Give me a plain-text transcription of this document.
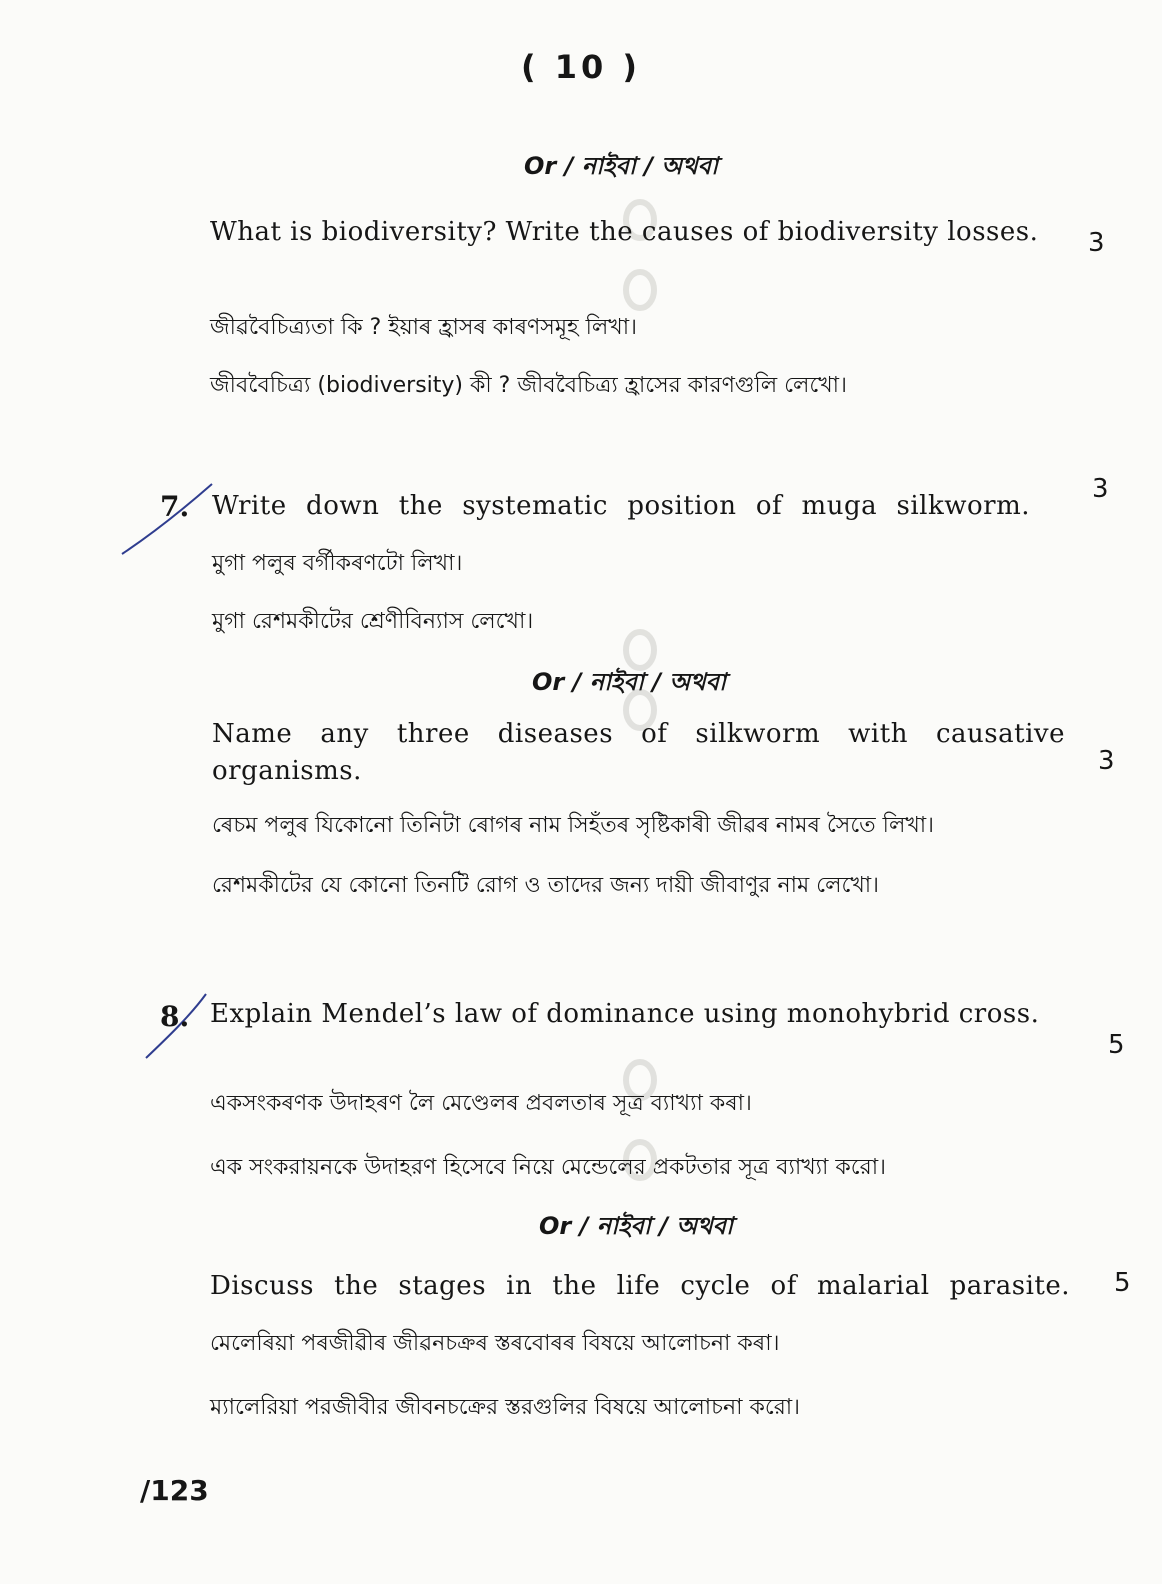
( 10 )
Or / নাইবা / অথবা
What is biodiversity? Write the causes of biodiversity losses.	3
জীৱবৈচিত্ৰ্যতা কি ? ইয়াৰ হ্ৰাসৰ কাৰণসমূহ লিখা।
জীববৈচিত্র্য (biodiversity) কী ? জীববৈচিত্র্য হ্রাসের কারণগুলি লেখো।
7. Write down the systematic position of muga silkworm.
3
মুগা পলুৰ বৰ্গীকৰণটো লিখা।
মুগা রেশমকীটের শ্রেণীবিন্যাস লেখো।
Or / নাইবা / অথবা
Name any three diseases of silkworm with causative organisms.	3
ৰেচম পলুৰ যিকোনো তিনিটা ৰোগৰ নাম সিহঁতৰ সৃষ্টিকাৰী জীৱৰ নামৰ সৈতে লিখা।
রেশমকীটের যে কোনো তিনটি রোগ ও তাদের জন্য দায়ী জীবাণুর নাম লেখো।
8. Explain Mendel’s law of dominance using monohybrid cross.
5
একসংকৰণক উদাহৰণ লৈ মেণ্ডেলৰ প্ৰবলতাৰ সূত্ৰ ব্যাখ্যা কৰা।
এক সংকরায়নকে উদাহরণ হিসেবে নিয়ে মেন্ডেলের প্রকটতার সূত্র ব্যাখ্যা করো।
Or / নাইবা / অথবা
Discuss the stages in the life cycle of malarial parasite. 5
মেলেৰিয়া পৰজীৱীৰ জীৱনচক্ৰৰ স্তৰবোৰৰ বিষয়ে আলোচনা কৰা।
ম্যালেরিয়া পরজীবীর জীবনচক্রের স্তরগুলির বিষয়ে আলোচনা করো।
/123
